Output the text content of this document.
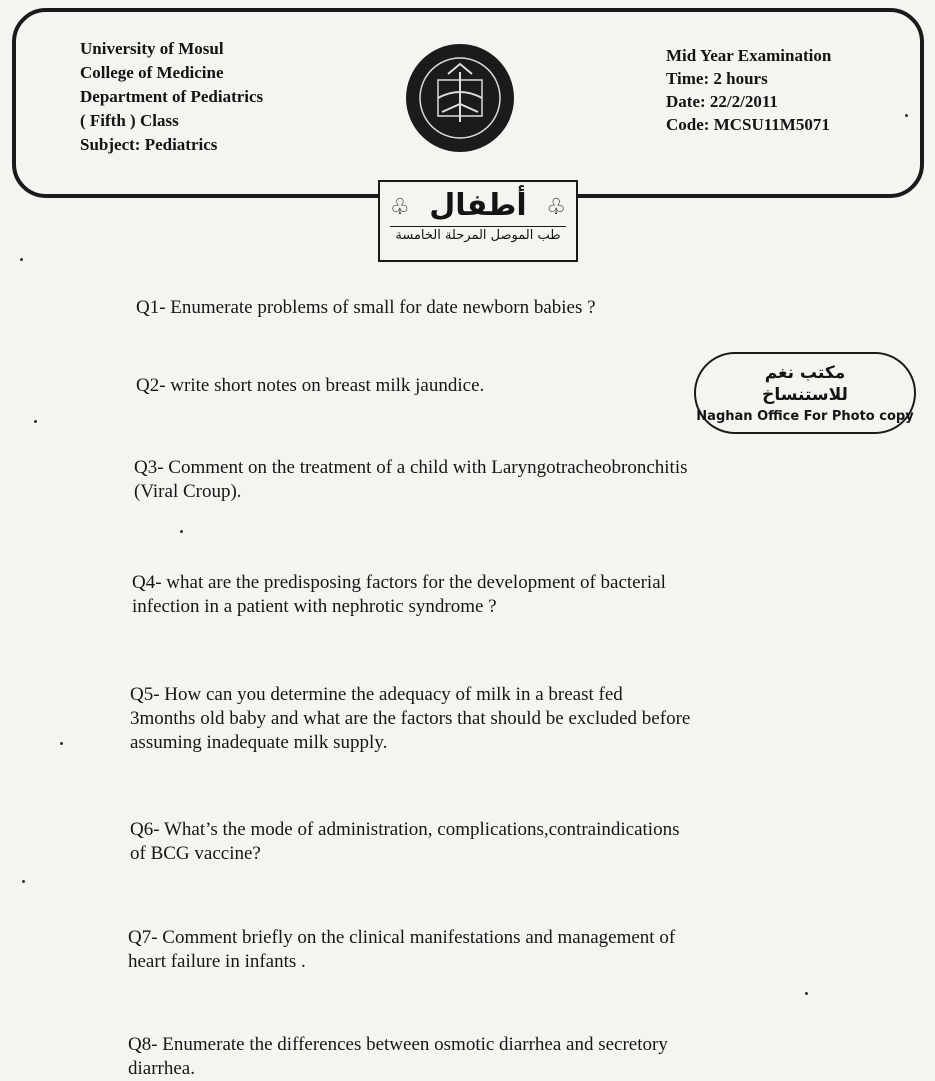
University of Mosul
College of Medicine
Department of Pediatrics
( Fifth ) Class
Subject: Pediatrics
Mid Year Examination
Time: 2 hours
Date: 22/2/2011
Code: MCSU11M5071
♧	♧
أطفال
طب الموصل المرحلة الخامسة
مكتب نغم
للاستنساخ
Naghan Office For Photo copy
Q1- Enumerate problems of small for date newborn babies ?
Q2- write short notes on breast milk jaundice.
Q3- Comment on the treatment of a child with Laryngotracheobronchitis
(Viral Croup).
Q4- what are the predisposing factors for the development of bacterial
infection in a patient with nephrotic syndrome ?
Q5- How can you determine the adequacy of milk in a breast fed
3months old baby and what are the factors that should be excluded before
assuming inadequate milk supply.
Q6- What’s the mode of administration, complications,contraindications
of BCG vaccine?
Q7- Comment briefly on the clinical manifestations and management of
heart failure in infants .
Q8- Enumerate the differences between osmotic diarrhea and secretory
diarrhea.
